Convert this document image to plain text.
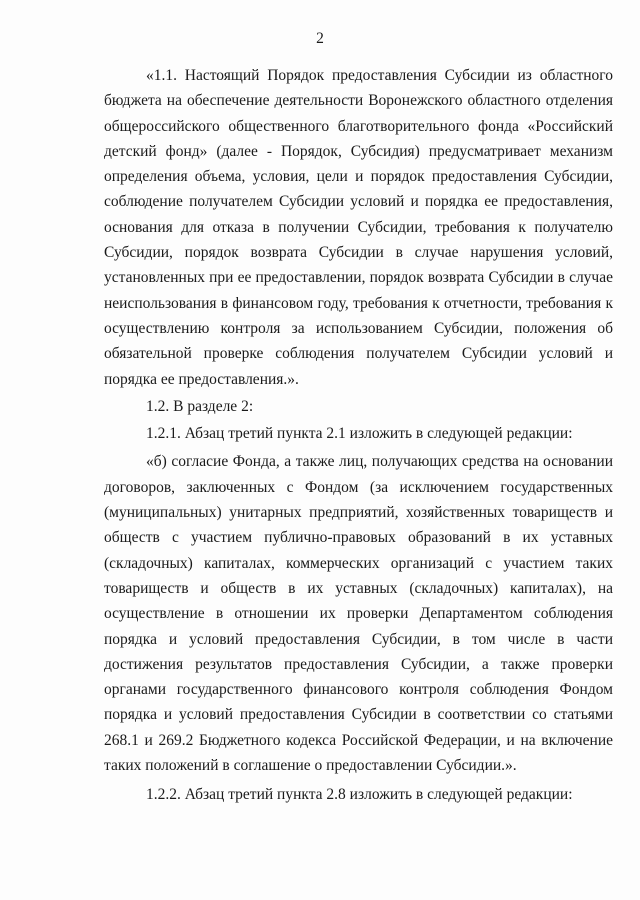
2

«1.1. Настоящий Порядок предоставления Субсидии из областного бюджета на обеспечение деятельности Воронежского областного отделения общероссийского общественного благотворительного фонда «Российский детский фонд» (далее - Порядок, Субсидия) предусматривает механизм определения объема, условия, цели и порядок предоставления Субсидии, соблюдение получателем Субсидии условий и порядка ее предоставления, основания для отказа в получении Субсидии, требования к получателю Субсидии, порядок возврата Субсидии в случае нарушения условий, установленных при ее предоставлении, порядок возврата Субсидии в случае неиспользования в финансовом году, требования к отчетности, требования к осуществлению контроля за использованием Субсидии, положения об обязательной проверке соблюдения получателем Субсидии условий и порядка ее предоставления.».

1.2. В разделе 2:

1.2.1. Абзац третий пункта 2.1 изложить в следующей редакции:

«б) согласие Фонда, а также лиц, получающих средства на основании договоров, заключенных с Фондом (за исключением государственных (муниципальных) унитарных предприятий, хозяйственных товариществ и обществ с участием публично-правовых образований в их уставных (складочных) капиталах, коммерческих организаций с участием таких товариществ и обществ в их уставных (складочных) капиталах), на осуществление в отношении их проверки Департаментом соблюдения порядка и условий предоставления Субсидии, в том числе в части достижения результатов предоставления Субсидии, а также проверки органами государственного финансового контроля соблюдения Фондом порядка и условий предоставления Субсидии в соответствии со статьями 268.1 и 269.2 Бюджетного кодекса Российской Федерации, и на включение таких положений в соглашение о предоставлении Субсидии.».

1.2.2. Абзац третий пункта 2.8 изложить в следующей редакции:
